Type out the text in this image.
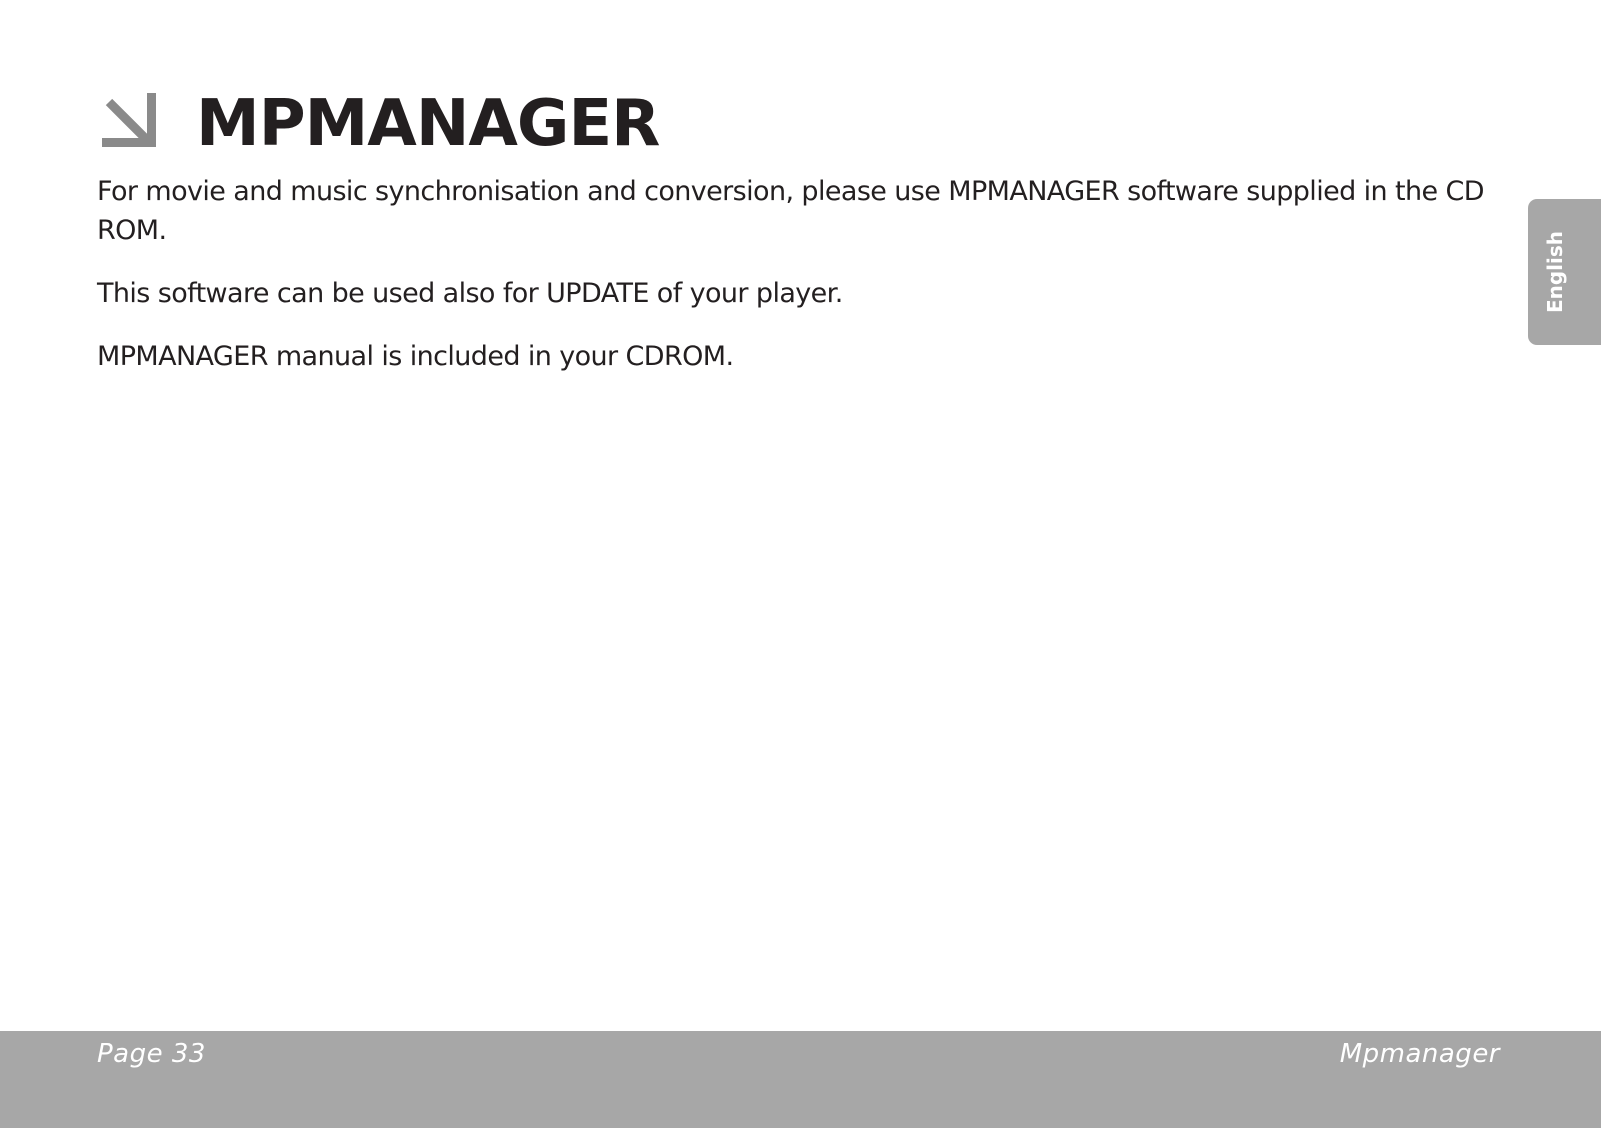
MPMANAGER

For movie and music synchronisation and conversion, please use MPMANAGER software supplied in the CD ROM.

This software can be used also for UPDATE of your player.

MPMANAGER manual is included in your CDROM.

English
Page 33	Mpmanager
